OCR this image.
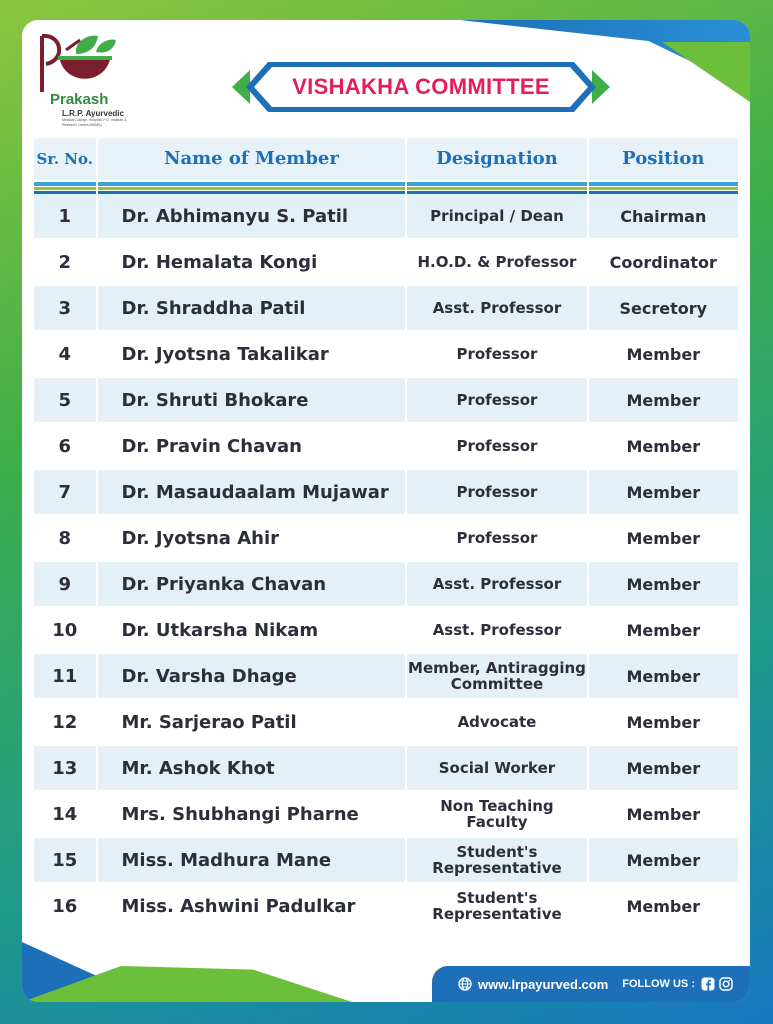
Prakash
L.R.P. Ayurvedic
Medical College, Hospital, P.G. Institute & Research Centre(ISAMS)
VISHAKHA COMMITTEE
Sr. No.	Name of Member	Designation	Position

1	Dr. Abhimanyu S. Patil	Principal / Dean	Chairman
2	Dr. Hemalata Kongi	H.O.D. & Professor	Coordinator
3	Dr. Shraddha Patil	Asst. Professor	Secretory
4	Dr. Jyotsna Takalikar	Professor	Member
5	Dr. Shruti Bhokare	Professor	Member
6	Dr. Pravin Chavan	Professor	Member
7	Dr. Masaudaalam Mujawar	Professor	Member
8	Dr. Jyotsna Ahir	Professor	Member
9	Dr. Priyanka Chavan	Asst. Professor	Member
10	Dr. Utkarsha Nikam	Asst. Professor	Member
11	Dr. Varsha Dhage	Member, Antiragging Committee	Member
12	Mr. Sarjerao Patil	Advocate	Member
13	Mr. Ashok Khot	Social Worker	Member
14	Mrs. Shubhangi Pharne	Non Teaching Faculty	Member
15	Miss. Madhura Mane	Student's Representative	Member
16	Miss. Ashwini Padulkar	Student's Representative	Member
www.lrpayurved.com FOLLOW US :
